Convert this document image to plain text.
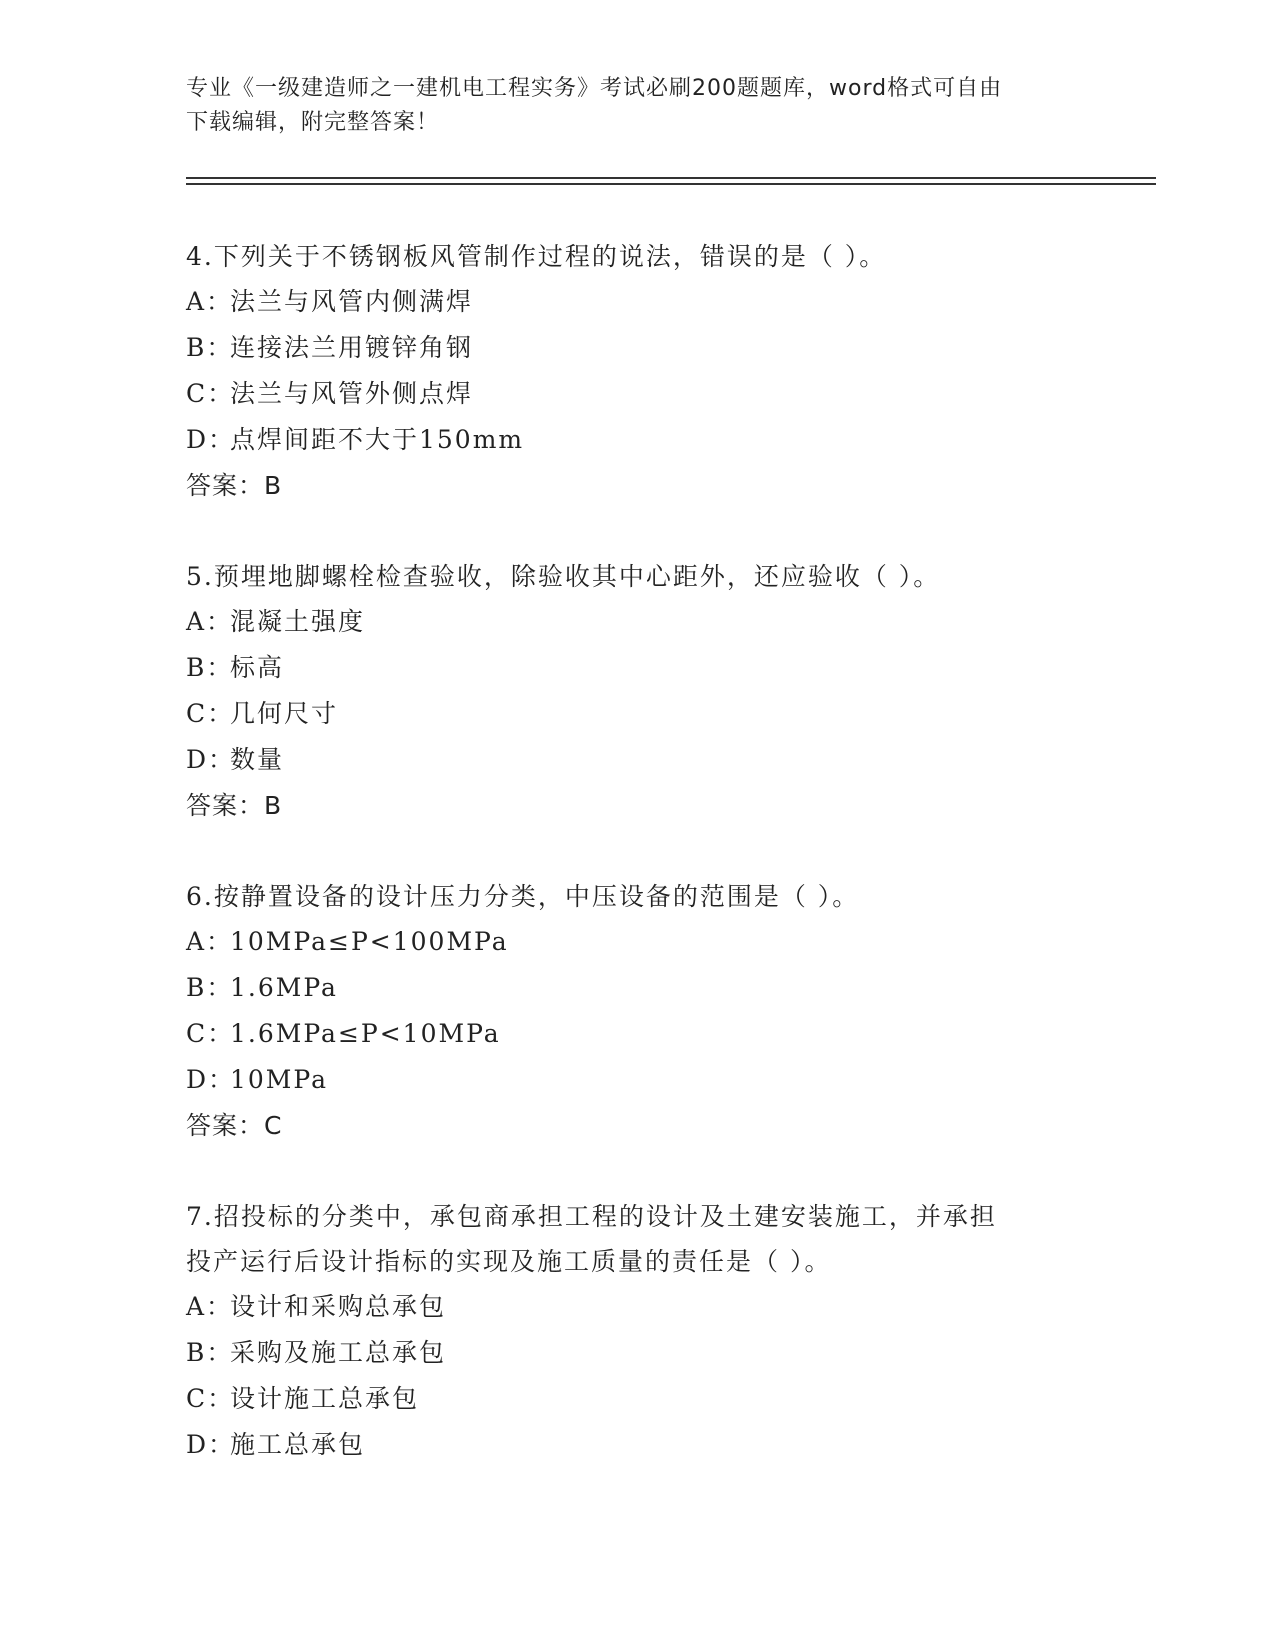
专业《一级建造师之一建机电工程实务》考试必刷200题题库，word格式可自由
下载编辑，附完整答案！

4.下列关于不锈钢板风管制作过程的说法，错误的是（ ）。

A：法兰与风管内侧满焊

B：连接法兰用镀锌角钢

C：法兰与风管外侧点焊

D：点焊间距不大于150mm

答案：B

5.预埋地脚螺栓检查验收，除验收其中心距外，还应验收（ ）。

A：混凝土强度

B：标高

C：几何尺寸

D：数量

答案：B

6.按静置设备的设计压力分类，中压设备的范围是（ ）。

A：10MPa≤P<100MPa

B：1.6MPa

C：1.6MPa≤P<10MPa

D：10MPa

答案：C

7.招投标的分类中，承包商承担工程的设计及土建安装施工，并承担

投产运行后设计指标的实现及施工质量的责任是（ ）。

A：设计和采购总承包

B：采购及施工总承包

C：设计施工总承包

D：施工总承包
